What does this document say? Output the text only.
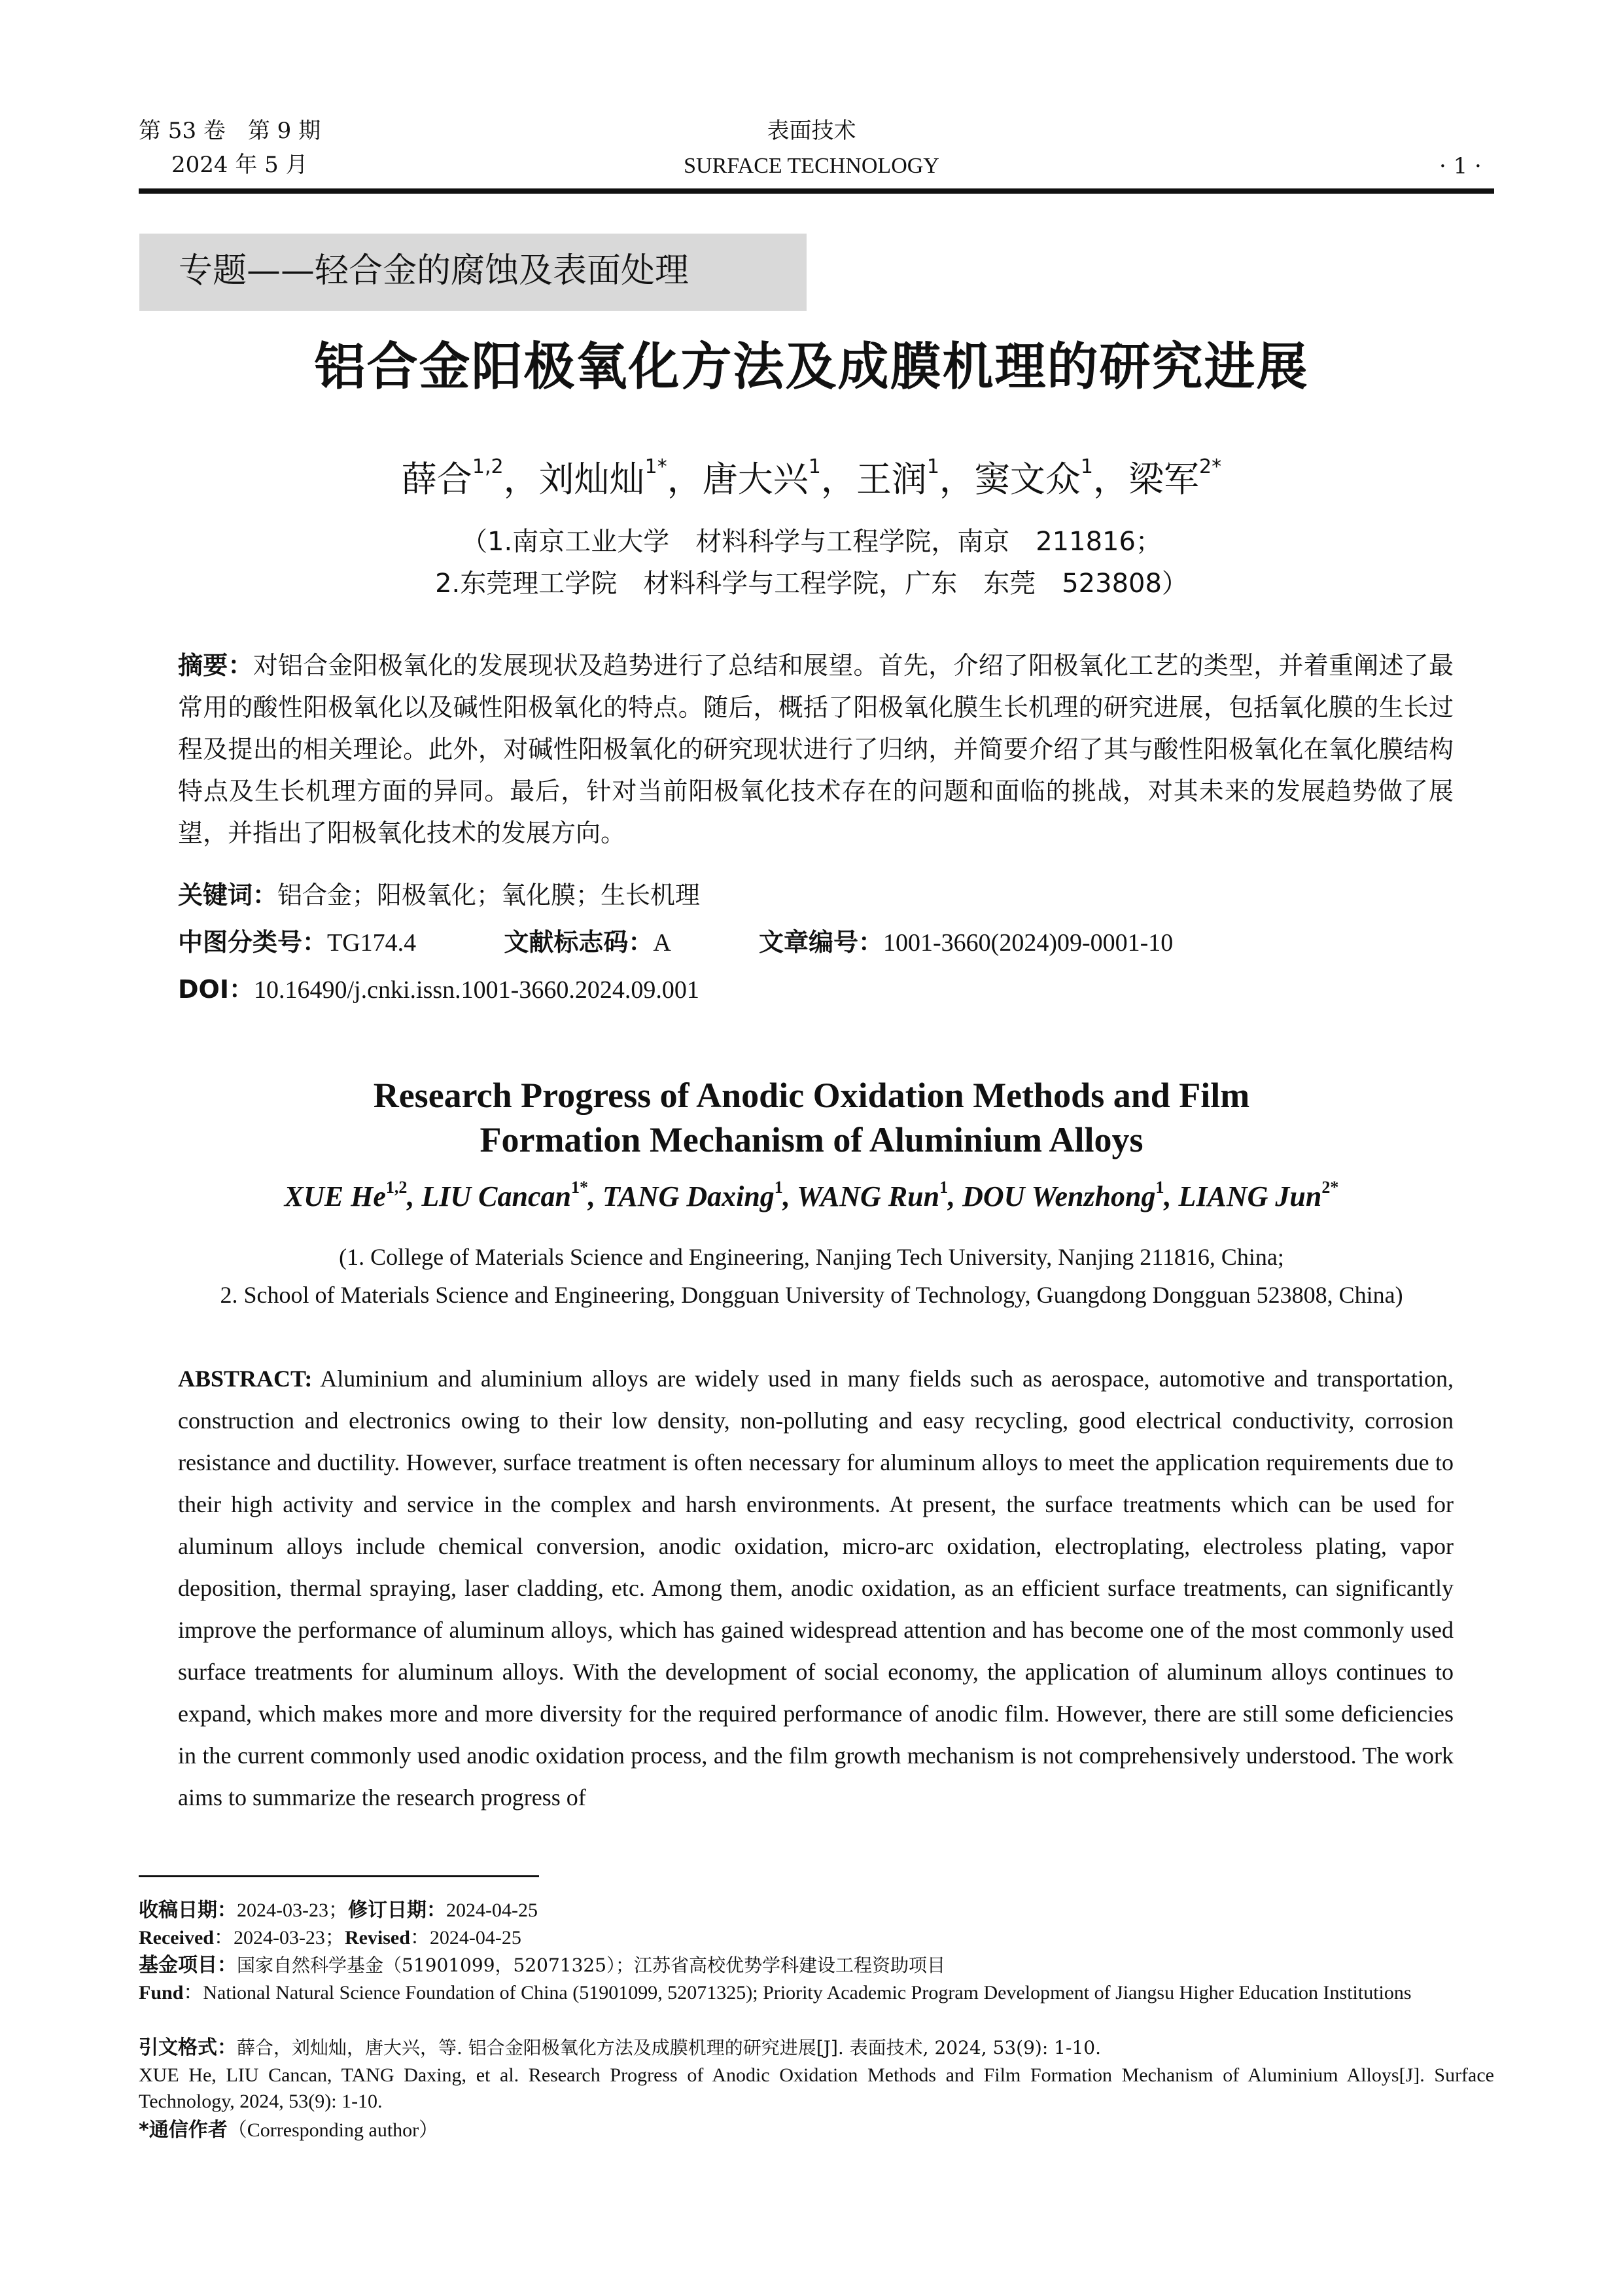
第 53 卷　第 9 期
2024 年 5 月
表面技术
SURFACE TECHNOLOGY	· 1 ·
专题——轻合金的腐蚀及表面处理
铝合金阳极氧化方法及成膜机理的研究进展
薛合$^{1,2}$，刘灿灿$^{1*}$，唐大兴$^1$，王润$^1$，窦文众$^1$，梁军$^{2*}$
（1.南京工业大学　材料科学与工程学院，南京　211816；
2.东莞理工学院　材料科学与工程学院，广东　东莞　523808）
摘要：对铝合金阳极氧化的发展现状及趋势进行了总结和展望。首先，介绍了阳极氧化工艺的类型，并着重阐述了最常用的酸性阳极氧化以及碱性阳极氧化的特点。随后，概括了阳极氧化膜生长机理的研究进展，包括氧化膜的生长过程及提出的相关理论。此外，对碱性阳极氧化的研究现状进行了归纳，并简要介绍了其与酸性阳极氧化在氧化膜结构特点及生长机理方面的异同。最后，针对当前阳极氧化技术存在的问题和面临的挑战，对其未来的发展趋势做了展望，并指出了阳极氧化技术的发展方向。
关键词：铝合金；阳极氧化；氧化膜；生长机理
中图分类号：TG174.4	文献标志码：A	文章编号：1001-3660(2024)09-0001-10
DOI：10.16490/j.cnki.issn.1001-3660.2024.09.001
Research Progress of Anodic Oxidation Methods and Film
Formation Mechanism of Aluminium Alloys
XUE He$^{1,2}$, LIU Cancan$^{1*}$, TANG Daxing$^1$, WANG Run$^1$, DOU Wenzhong$^1$, LIANG Jun$^{2*}$
(1. College of Materials Science and Engineering, Nanjing Tech University, Nanjing 211816, China;
2. School of Materials Science and Engineering, Dongguan University of Technology, Guangdong Dongguan 523808, China)
ABSTRACT: Aluminium and aluminium alloys are widely used in many fields such as aerospace, automotive and transportation, construction and electronics owing to their low density, non-polluting and easy recycling, good electrical conductivity, corrosion resistance and ductility. However, surface treatment is often necessary for aluminum alloys to meet the application requirements due to their high activity and service in the complex and harsh environments. At present, the surface treatments which can be used for aluminum alloys include chemical conversion, anodic oxidation, micro-arc oxidation, electroplating, electroless plating, vapor deposition, thermal spraying, laser cladding, etc. Among them, anodic oxidation, as an efficient surface treatments, can significantly improve the performance of aluminum alloys, which has gained widespread attention and has become one of the most commonly used surface treatments for aluminum alloys. With the development of social economy, the application of aluminum alloys continues to expand, which makes more and more diversity for the required performance of anodic film. However, there are still some deficiencies in the current commonly used anodic oxidation process, and the film growth mechanism is not comprehensively understood. The work aims to summarize the research progress of
收稿日期：2024-03-23；修订日期：2024-04-25
Received：2024-03-23；Revised：2024-04-25
基金项目：国家自然科学基金（51901099，52071325）；江苏省高校优势学科建设工程资助项目
Fund：National Natural Science Foundation of China (51901099, 52071325); Priority Academic Program Development of Jiangsu Higher Education Institutions
引文格式：薛合，刘灿灿，唐大兴，等. 铝合金阳极氧化方法及成膜机理的研究进展[J]. 表面技术, 2024, 53(9): 1-10.
XUE He, LIU Cancan, TANG Daxing, et al. Research Progress of Anodic Oxidation Methods and Film Formation Mechanism of Aluminium Alloys[J]. Surface Technology, 2024, 53(9): 1-10.
*通信作者（Corresponding author）
